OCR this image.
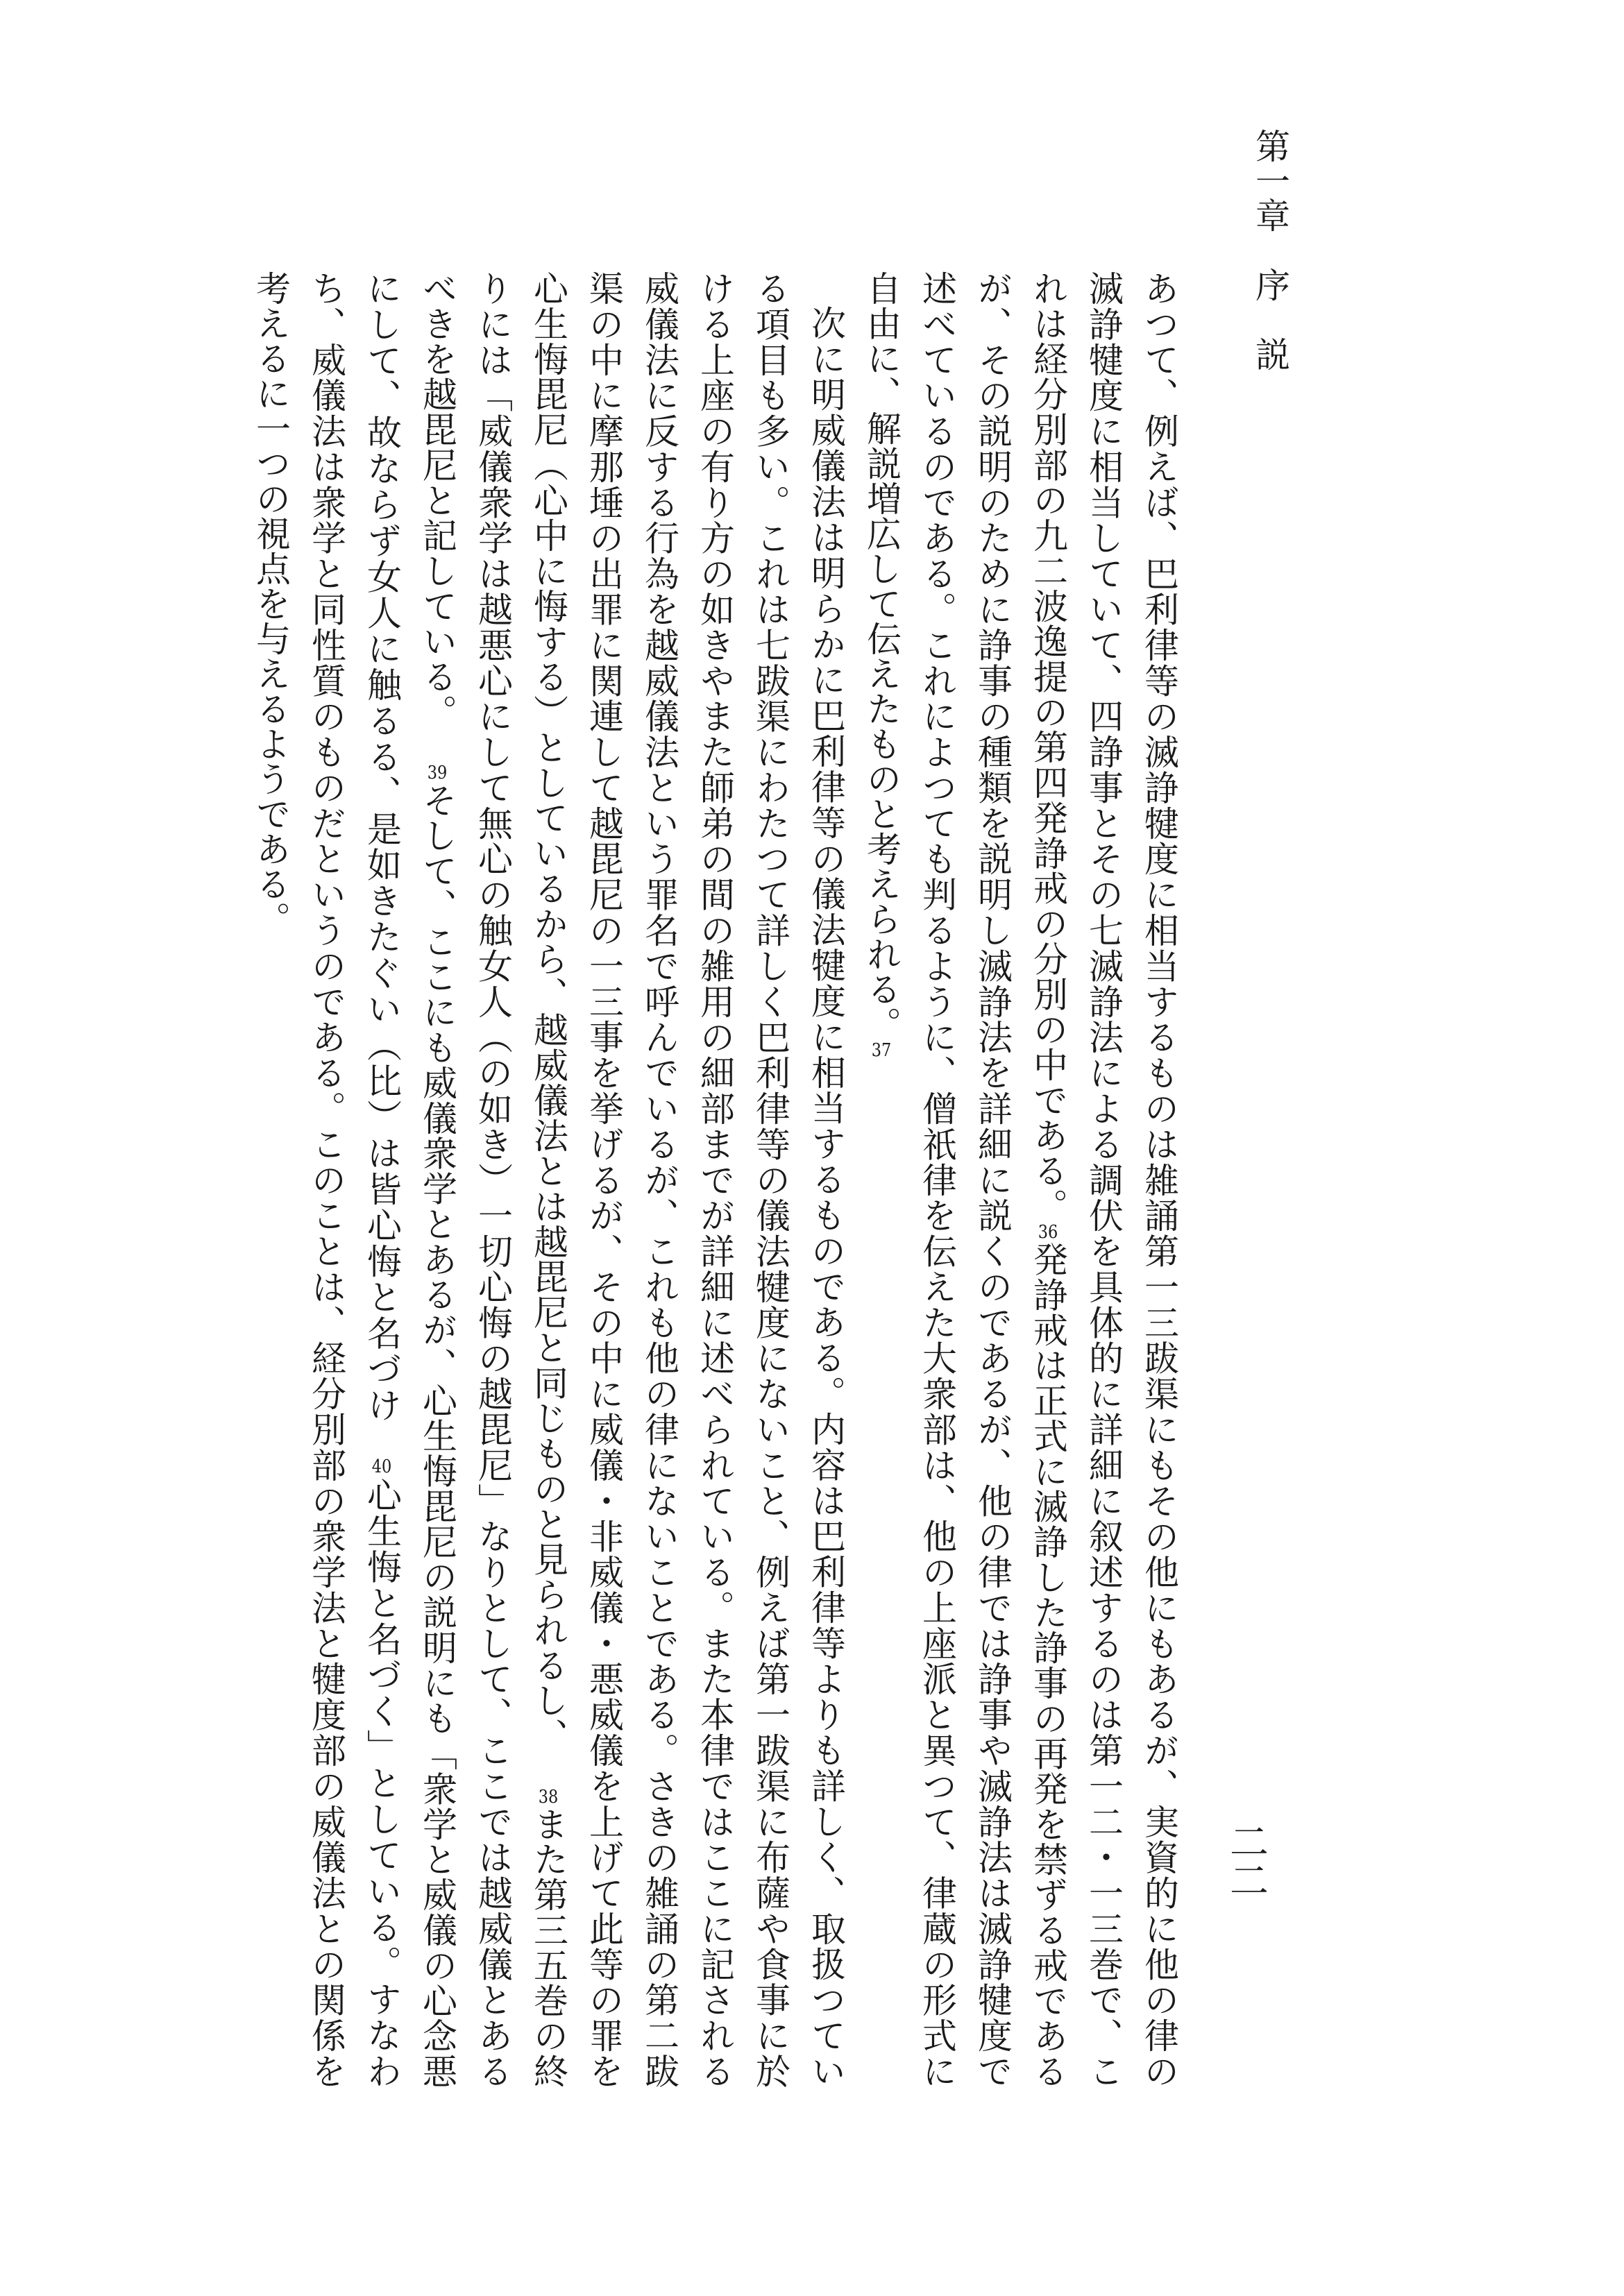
第一章　序　説
二二

あつて、例えば、巴利律等の滅諍犍度に相当するものは雑誦第一三跋渠にもその他にもあるが、実資的に他の律の滅諍犍度に相当していて、四諍事とその七滅諍法による調伏を具体的に詳細に叙述するのは第一二・一三巻で、これは経分別部の九二波逸提の第四発諍戒の分別の中である。36発諍戒は正式に滅諍した諍事の再発を禁ずる戒であるが、その説明のために諍事の種類を説明し滅諍法を詳細に説くのであるが、他の律では諍事や滅諍法は滅諍犍度で述べているのである。これによつても判るように、僧祇律を伝えた大衆部は、他の上座派と異つて、律蔵の形式に自由に、解説増広して伝えたものと考えられる。37

次に明威儀法は明らかに巴利律等の儀法犍度に相当するものである。内容は巴利律等よりも詳しく、取扱つている項目も多い。これは七跋渠にわたつて詳しく巴利律等の儀法犍度にないこと、例えば第一跋渠に布薩や食事に於ける上座の有り方の如きやまた師弟の間の雑用の細部までが詳細に述べられている。また本律ではここに記される威儀法に反する行為を越威儀法という罪名で呼んでいるが、これも他の律にないことである。さきの雑誦の第二跋渠の中に摩那埵の出罪に関連して越毘尼の一三事を挙げるが、その中に威儀・非威儀・悪威儀を上げて此等の罪を心生悔毘尼（心中に悔する）としているから、越威儀法とは越毘尼と同じものと見られるし、38また第三五巻の終りには「威儀衆学は越悪心にして無心の触女人（の如き）一切心悔の越毘尼」なりとして、ここでは越威儀とあるべきを越毘尼と記している。39そして、ここにも威儀衆学とあるが、心生悔毘尼の説明にも「衆学と威儀の心念悪にして、故ならず女人に触るる、是如きたぐい（比）は皆心悔と名づけ40心生悔と名づく」としている。すなわち、威儀法は衆学と同性質のものだというのである。このことは、経分別部の衆学法と犍度部の威儀法との関係を考えるに一つの視点を与えるようである。
